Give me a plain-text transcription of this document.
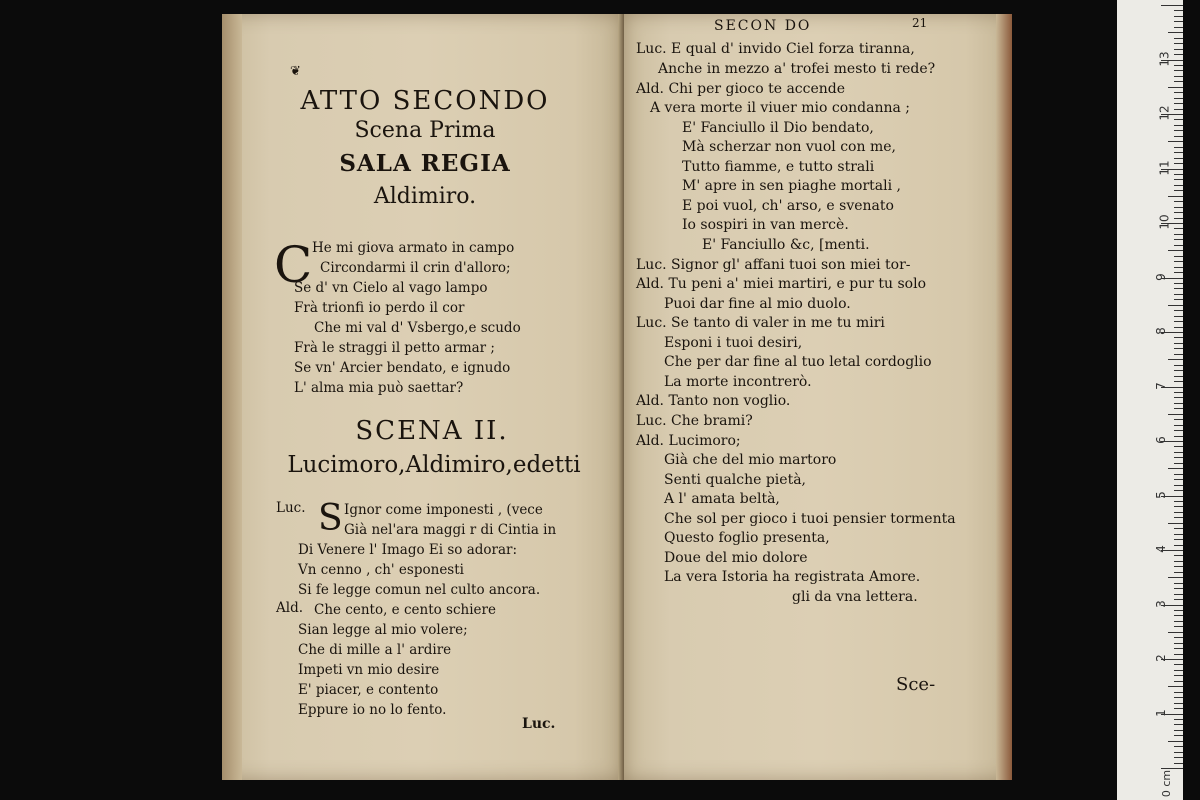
❦
ATTO SECONDO
Scena Prima
SALA REGIA
Aldimiro.
C He mi giova armato in campo
Circondarmi il crin d'alloro;
Se d' vn Cielo al vago lampo
Frà trionfi io perdo il cor
Che mi val d' Vsbergo,e scudo
Frà le straggi il petto armar ;
Se vn' Arcier bendato, e ignudo
L' alma mia può saettar?
SCENA II.
Lucimoro,Aldimiro,edetti
Luc. S Ignor come imponesti , (vece
Già nel'ara maggi r di Cintia in
Di Venere l' Imago Ei so adorar:
Vn cenno , ch' esponesti
Si fe legge comun nel culto ancora.
Ald. Che cento, e cento schiere
Sian legge al mio volere;
Che di mille a l' ardire
Impeti vn mio desire
E' piacer, e contento
Eppure io no lo fento.
Luc.
SECON DO	21
Luc. E qual d' invido Ciel forza tiranna,
Anche in mezzo a' trofei mesto ti rede?
Ald. Chi per gioco te accende
A vera morte il viuer mio condanna ;
E' Fanciullo il Dio bendato,
Mà scherzar non vuol con me,
Tutto fiamme, e tutto strali
M' apre in sen piaghe mortali ,
E poi vuol, ch' arso, e svenato
Io sospiri in van mercè.
E' Fanciullo &c, [menti.
Luc. Signor gl' affani tuoi son miei tor-
Ald. Tu peni a' miei martiri, e pur tu solo
Puoi dar fine al mio duolo.
Luc. Se tanto di valer in me tu miri
Esponi i tuoi desiri,
Che per dar fine al tuo letal cordoglio
La morte incontrerò.
Ald. Tanto non voglio.
Luc. Che brami?
Ald. Lucimoro;
Già che del mio martoro
Senti qualche pietà,
A l' amata beltà,
Che sol per gioco i tuoi pensier tormenta
Questo foglio presenta,
Doue del mio dolore
La vera Istoria ha registrata Amore.
gli da vna lettera.
Sce-
1
2
3
4
5
6
7
8
9
10
11
12
13
0 cm
